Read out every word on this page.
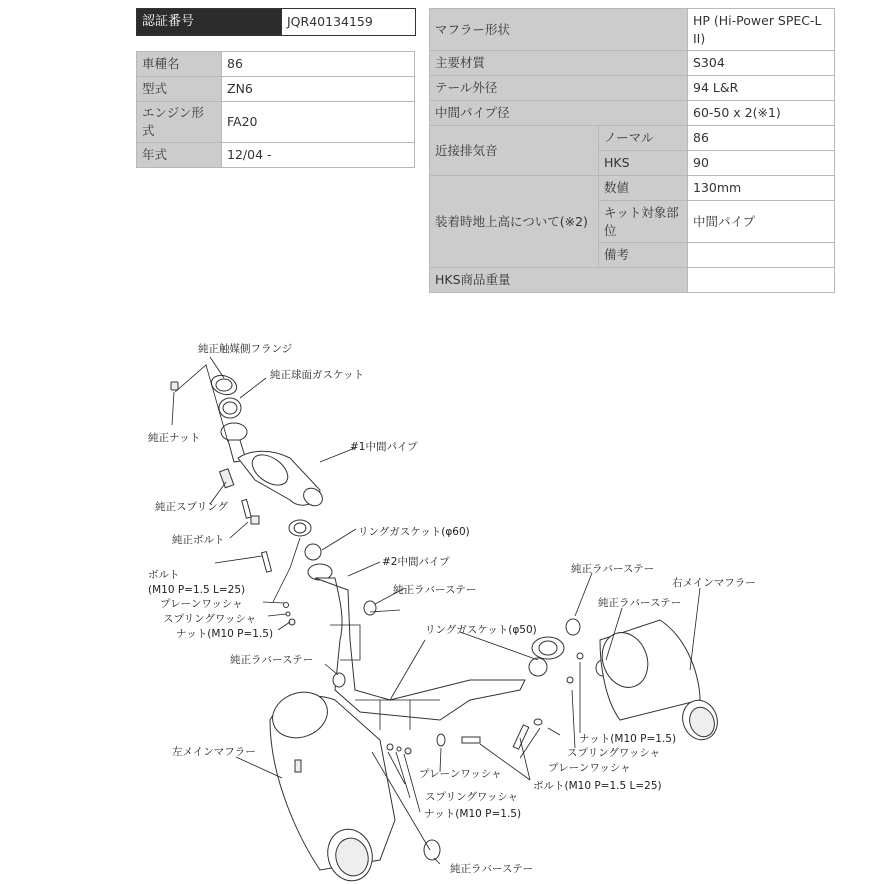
認証番号	JQR40134159
車種名	86
型式	ZN6
エンジン形式	FA20
年式	12/04 -
マフラー形状		HP (Hi-Power SPEC-L II)
主要材質		S304
テール外径		94 L&R
中間パイプ径		60-50 x 2(※1)
近接排気音	ノーマル	86
	HKS	90
装着時地上高について(※2)	数値	130mm
	キット対象部位	中間パイプ
	備考	
HKS商品重量		
純正触媒側フランジ
純正球面ガスケット
純正ナット
#1中間パイプ
純正スプリング
純正ボルト
リングガスケット(φ60)
ボルト
(M10 P=1.5 L=25)
#2中間パイプ
純正ラバーステー
プレーンワッシャ
スプリングワッシャ
ナット(M10 P=1.5)	リングガスケット(φ50)
純正ラバーステー
右メインマフラー
純正ラバーステー
純正ラバーステー
左メインマフラー
ナット(M10 P=1.5)
スプリングワッシャ
プレーンワッシャ
プレーンワッシャ
ボルト(M10 P=1.5 L=25)
スプリングワッシャ
ナット(M10 P=1.5)
純正ラバーステー
